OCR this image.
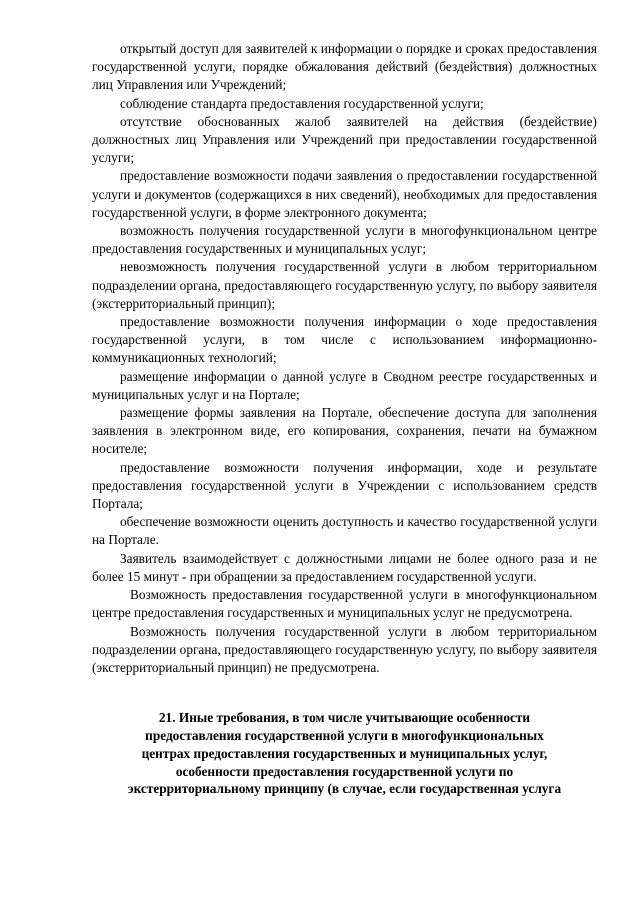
открытый доступ для заявителей к информации о порядке и сроках предоставления государственной услуги, порядке обжалования действий (бездействия) должностных лиц Управления или Учреждений;

соблюдение стандарта предоставления государственной услуги;

отсутствие обоснованных жалоб заявителей на действия (бездействие) должностных лиц Управления или Учреждений при предоставлении государственной услуги;

предоставление возможности подачи заявления о предоставлении государственной услуги и документов (содержащихся в них сведений), необходимых для предоставления государственной услуги, в форме электронного документа;

возможность получения государственной услуги в многофункциональном центре предоставления государственных и муниципальных услуг;

невозможность получения государственной услуги в любом территориальном подразделении органа, предоставляющего государственную услугу, по выбору заявителя (экстерриториальный принцип);

предоставление возможности получения информации о ходе предоставления государственной услуги, в том числе с использованием информационно-коммуникационных технологий;

размещение информации о данной услуге в Сводном реестре государственных и муниципальных услуг и на Портале;

размещение формы заявления на Портале, обеспечение доступа для заполнения заявления в электронном виде, его копирования, сохранения, печати на бумажном носителе;

предоставление возможности получения информации, ходе и результате предоставления государственной услуги в Учреждении с использованием средств Портала;

обеспечение возможности оценить доступность и качество государственной услуги на Портале.

Заявитель взаимодействует с должностными лицами не более одного раза и не более 15 минут - при обращении за предоставлением государственной услуги.

Возможность предоставления государственной услуги в многофункциональном центре предоставления государственных и муниципальных услуг не предусмотрена.

Возможность получения государственной услуги в любом территориальном подразделении органа, предоставляющего государственную услугу, по выбору заявителя (экстерриториальный принцип) не предусмотрена.

21. Иные требования, в том числе учитывающие особенности
предоставления государственной услуги в многофункциональных
центрах предоставления государственных и муниципальных услуг,
особенности предоставления государственной услуги по
экстерриториальному принципу (в случае, если государственная услуга
